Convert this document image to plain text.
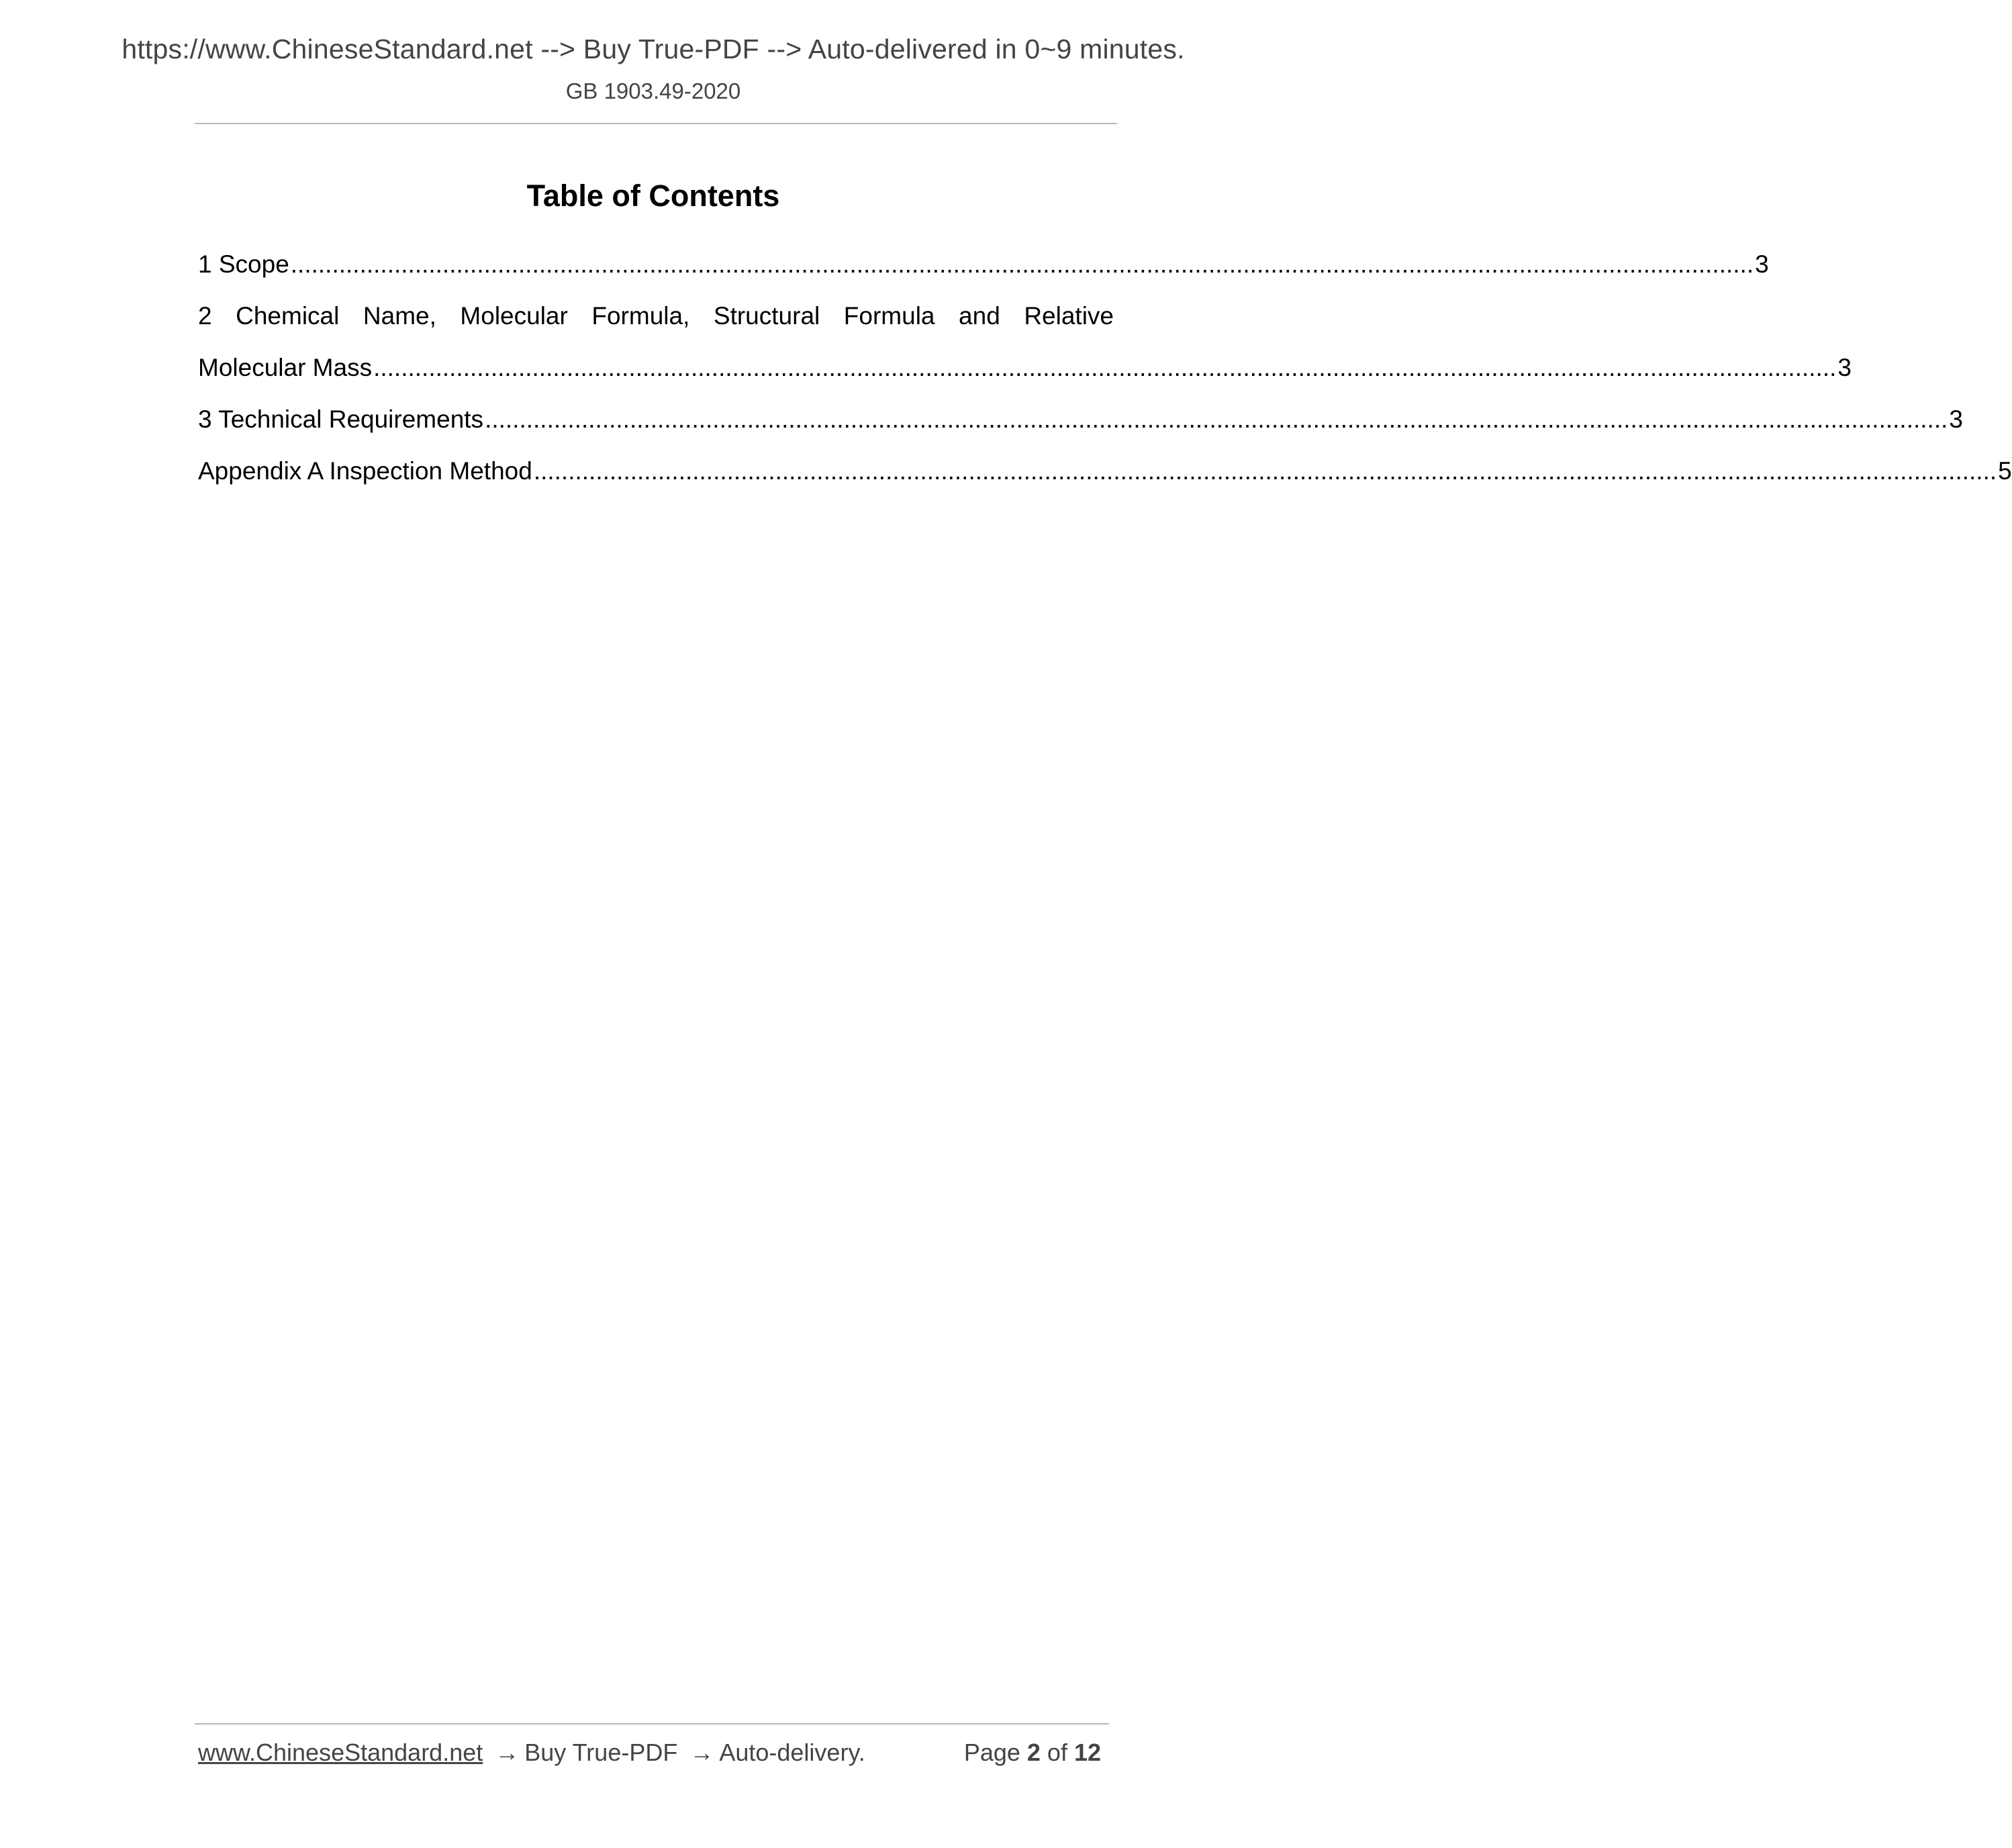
https://www.ChineseStandard.net --> Buy True-PDF --> Auto-delivered in 0~9 minutes.
GB 1903.49-2020
Table of Contents
1 Scope .................................................................................................................................................................................................................... 3
2 Chemical Name, Molecular Formula, Structural Formula and Relative
Molecular Mass .................................................................................................................................................................................................................... 3
3 Technical Requirements .................................................................................................................................................................................................................... 3
Appendix A Inspection Method .................................................................................................................................................................................................................... 5
www.ChineseStandard.net → Buy True-PDF → Auto-delivery.	Page 2 of 12
